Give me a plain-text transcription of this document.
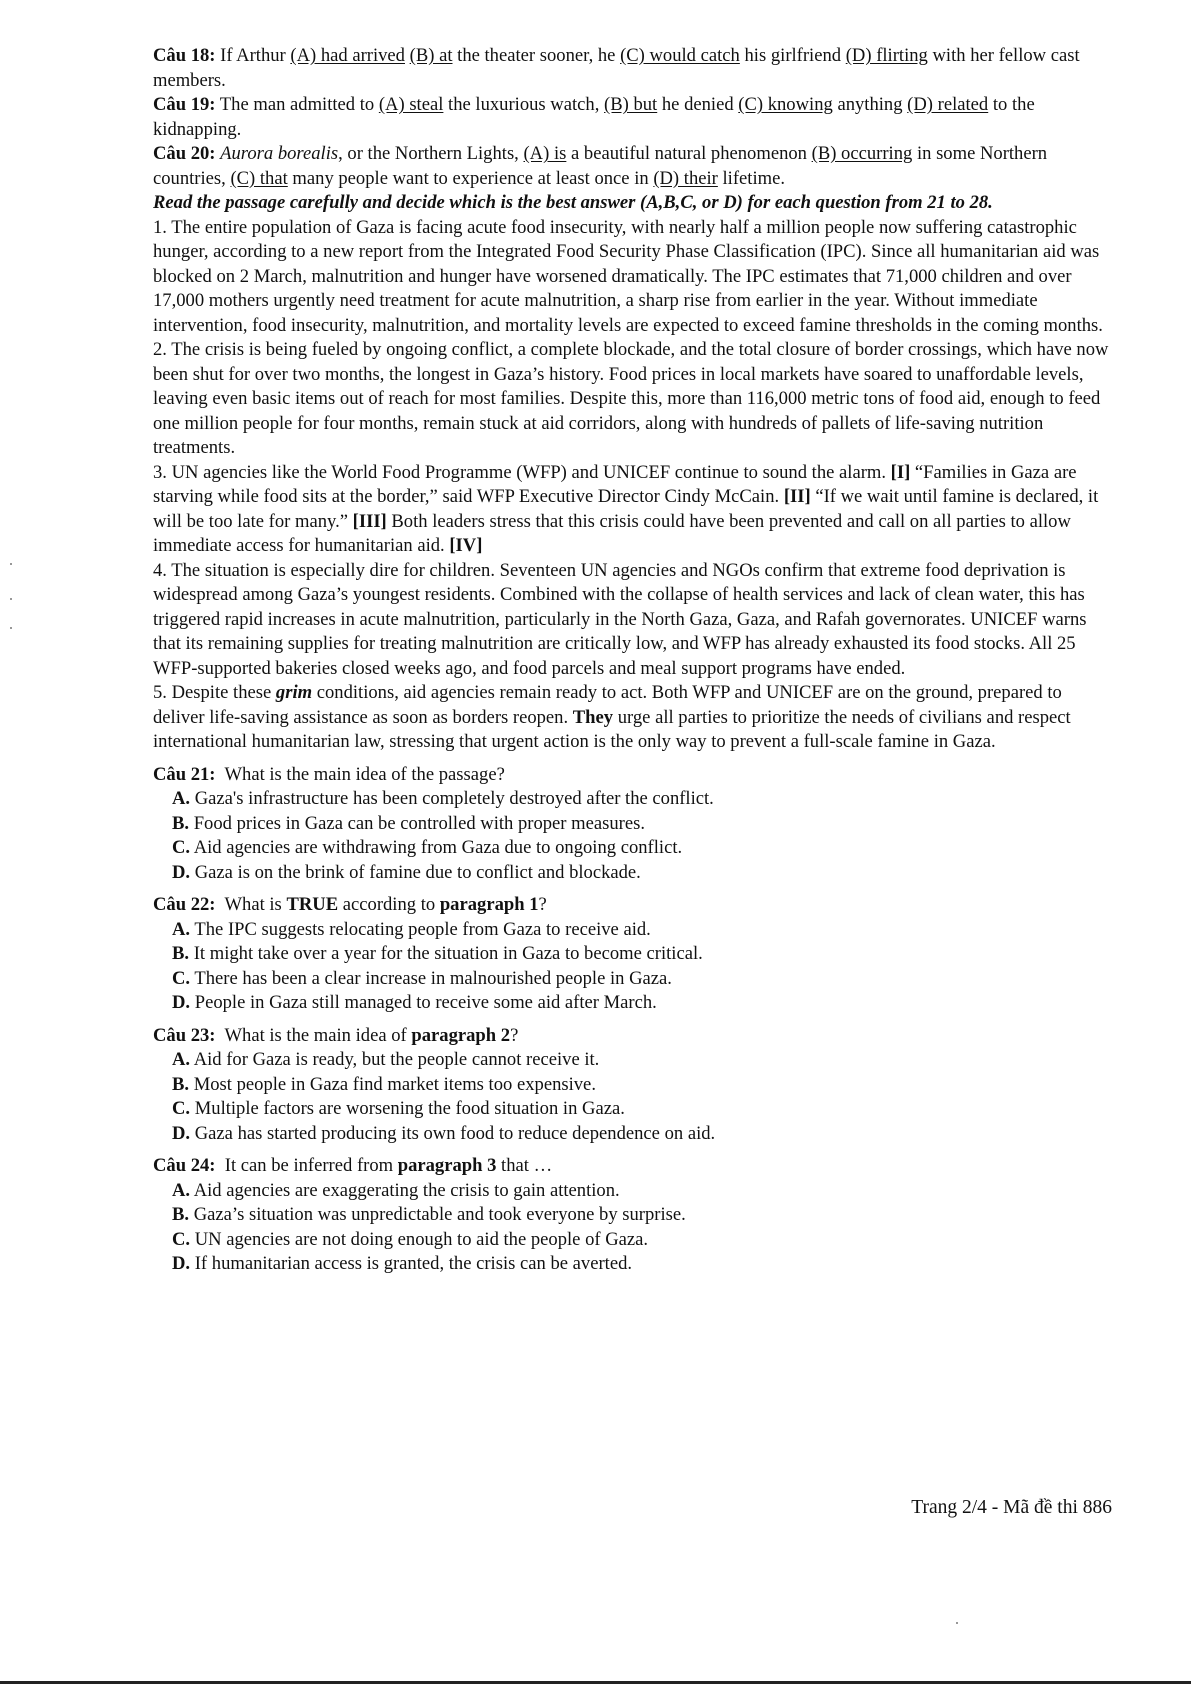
Câu 18: If Arthur (A) had arrived (B) at the theater sooner, he (C) would catch his girlfriend (D) flirting with her fellow cast members.

Câu 19: The man admitted to (A) steal the luxurious watch, (B) but he denied (C) knowing anything (D) related to the kidnapping.

Câu 20: Aurora borealis, or the Northern Lights, (A) is a beautiful natural phenomenon (B) occurring in some Northern countries, (C) that many people want to experience at least once in (D) their lifetime.

Read the passage carefully and decide which is the best answer (A,B,C, or D) for each question from 21 to 28.

1. The entire population of Gaza is facing acute food insecurity, with nearly half a million people now suffering catastrophic hunger, according to a new report from the Integrated Food Security Phase Classification (IPC). Since all humanitarian aid was blocked on 2 March, malnutrition and hunger have worsened dramatically. The IPC estimates that 71,000 children and over 17,000 mothers urgently need treatment for acute malnutrition, a sharp rise from earlier in the year. Without immediate intervention, food insecurity, malnutrition, and mortality levels are expected to exceed famine thresholds in the coming months.

2. The crisis is being fueled by ongoing conflict, a complete blockade, and the total closure of border crossings, which have now been shut for over two months, the longest in Gaza’s history. Food prices in local markets have soared to unaffordable levels, leaving even basic items out of reach for most families. Despite this, more than 116,000 metric tons of food aid, enough to feed one million people for four months, remain stuck at aid corridors, along with hundreds of pallets of life-saving nutrition treatments.

3. UN agencies like the World Food Programme (WFP) and UNICEF continue to sound the alarm. [I] “Families in Gaza are starving while food sits at the border,” said WFP Executive Director Cindy McCain. [II] “If we wait until famine is declared, it will be too late for many.” [III] Both leaders stress that this crisis could have been prevented and call on all parties to allow immediate access for humanitarian aid. [IV]

4. The situation is especially dire for children. Seventeen UN agencies and NGOs confirm that extreme food deprivation is widespread among Gaza’s youngest residents. Combined with the collapse of health services and lack of clean water, this has triggered rapid increases in acute malnutrition, particularly in the North Gaza, Gaza, and Rafah governorates. UNICEF warns that its remaining supplies for treating malnutrition are critically low, and WFP has already exhausted its food stocks. All 25 WFP-supported bakeries closed weeks ago, and food parcels and meal support programs have ended.

5. Despite these grim conditions, aid agencies remain ready to act. Both WFP and UNICEF are on the ground, prepared to deliver life-saving assistance as soon as borders reopen. They urge all parties to prioritize the needs of civilians and respect international humanitarian law, stressing that urgent action is the only way to prevent a full-scale famine in Gaza.

Câu 21: What is the main idea of the passage?

A. Gaza's infrastructure has been completely destroyed after the conflict.

B. Food prices in Gaza can be controlled with proper measures.

C. Aid agencies are withdrawing from Gaza due to ongoing conflict.

D. Gaza is on the brink of famine due to conflict and blockade.

Câu 22: What is TRUE according to paragraph 1?

A. The IPC suggests relocating people from Gaza to receive aid.

B. It might take over a year for the situation in Gaza to become critical.

C. There has been a clear increase in malnourished people in Gaza.

D. People in Gaza still managed to receive some aid after March.

Câu 23: What is the main idea of paragraph 2?

A. Aid for Gaza is ready, but the people cannot receive it.

B. Most people in Gaza find market items too expensive.

C. Multiple factors are worsening the food situation in Gaza.

D. Gaza has started producing its own food to reduce dependence on aid.

Câu 24: It can be inferred from paragraph 3 that …

A. Aid agencies are exaggerating the crisis to gain attention.

B. Gaza’s situation was unpredictable and took everyone by surprise.

C. UN agencies are not doing enough to aid the people of Gaza.

D. If humanitarian access is granted, the crisis can be averted.

Trang 2/4 - Mã đề thi 886
